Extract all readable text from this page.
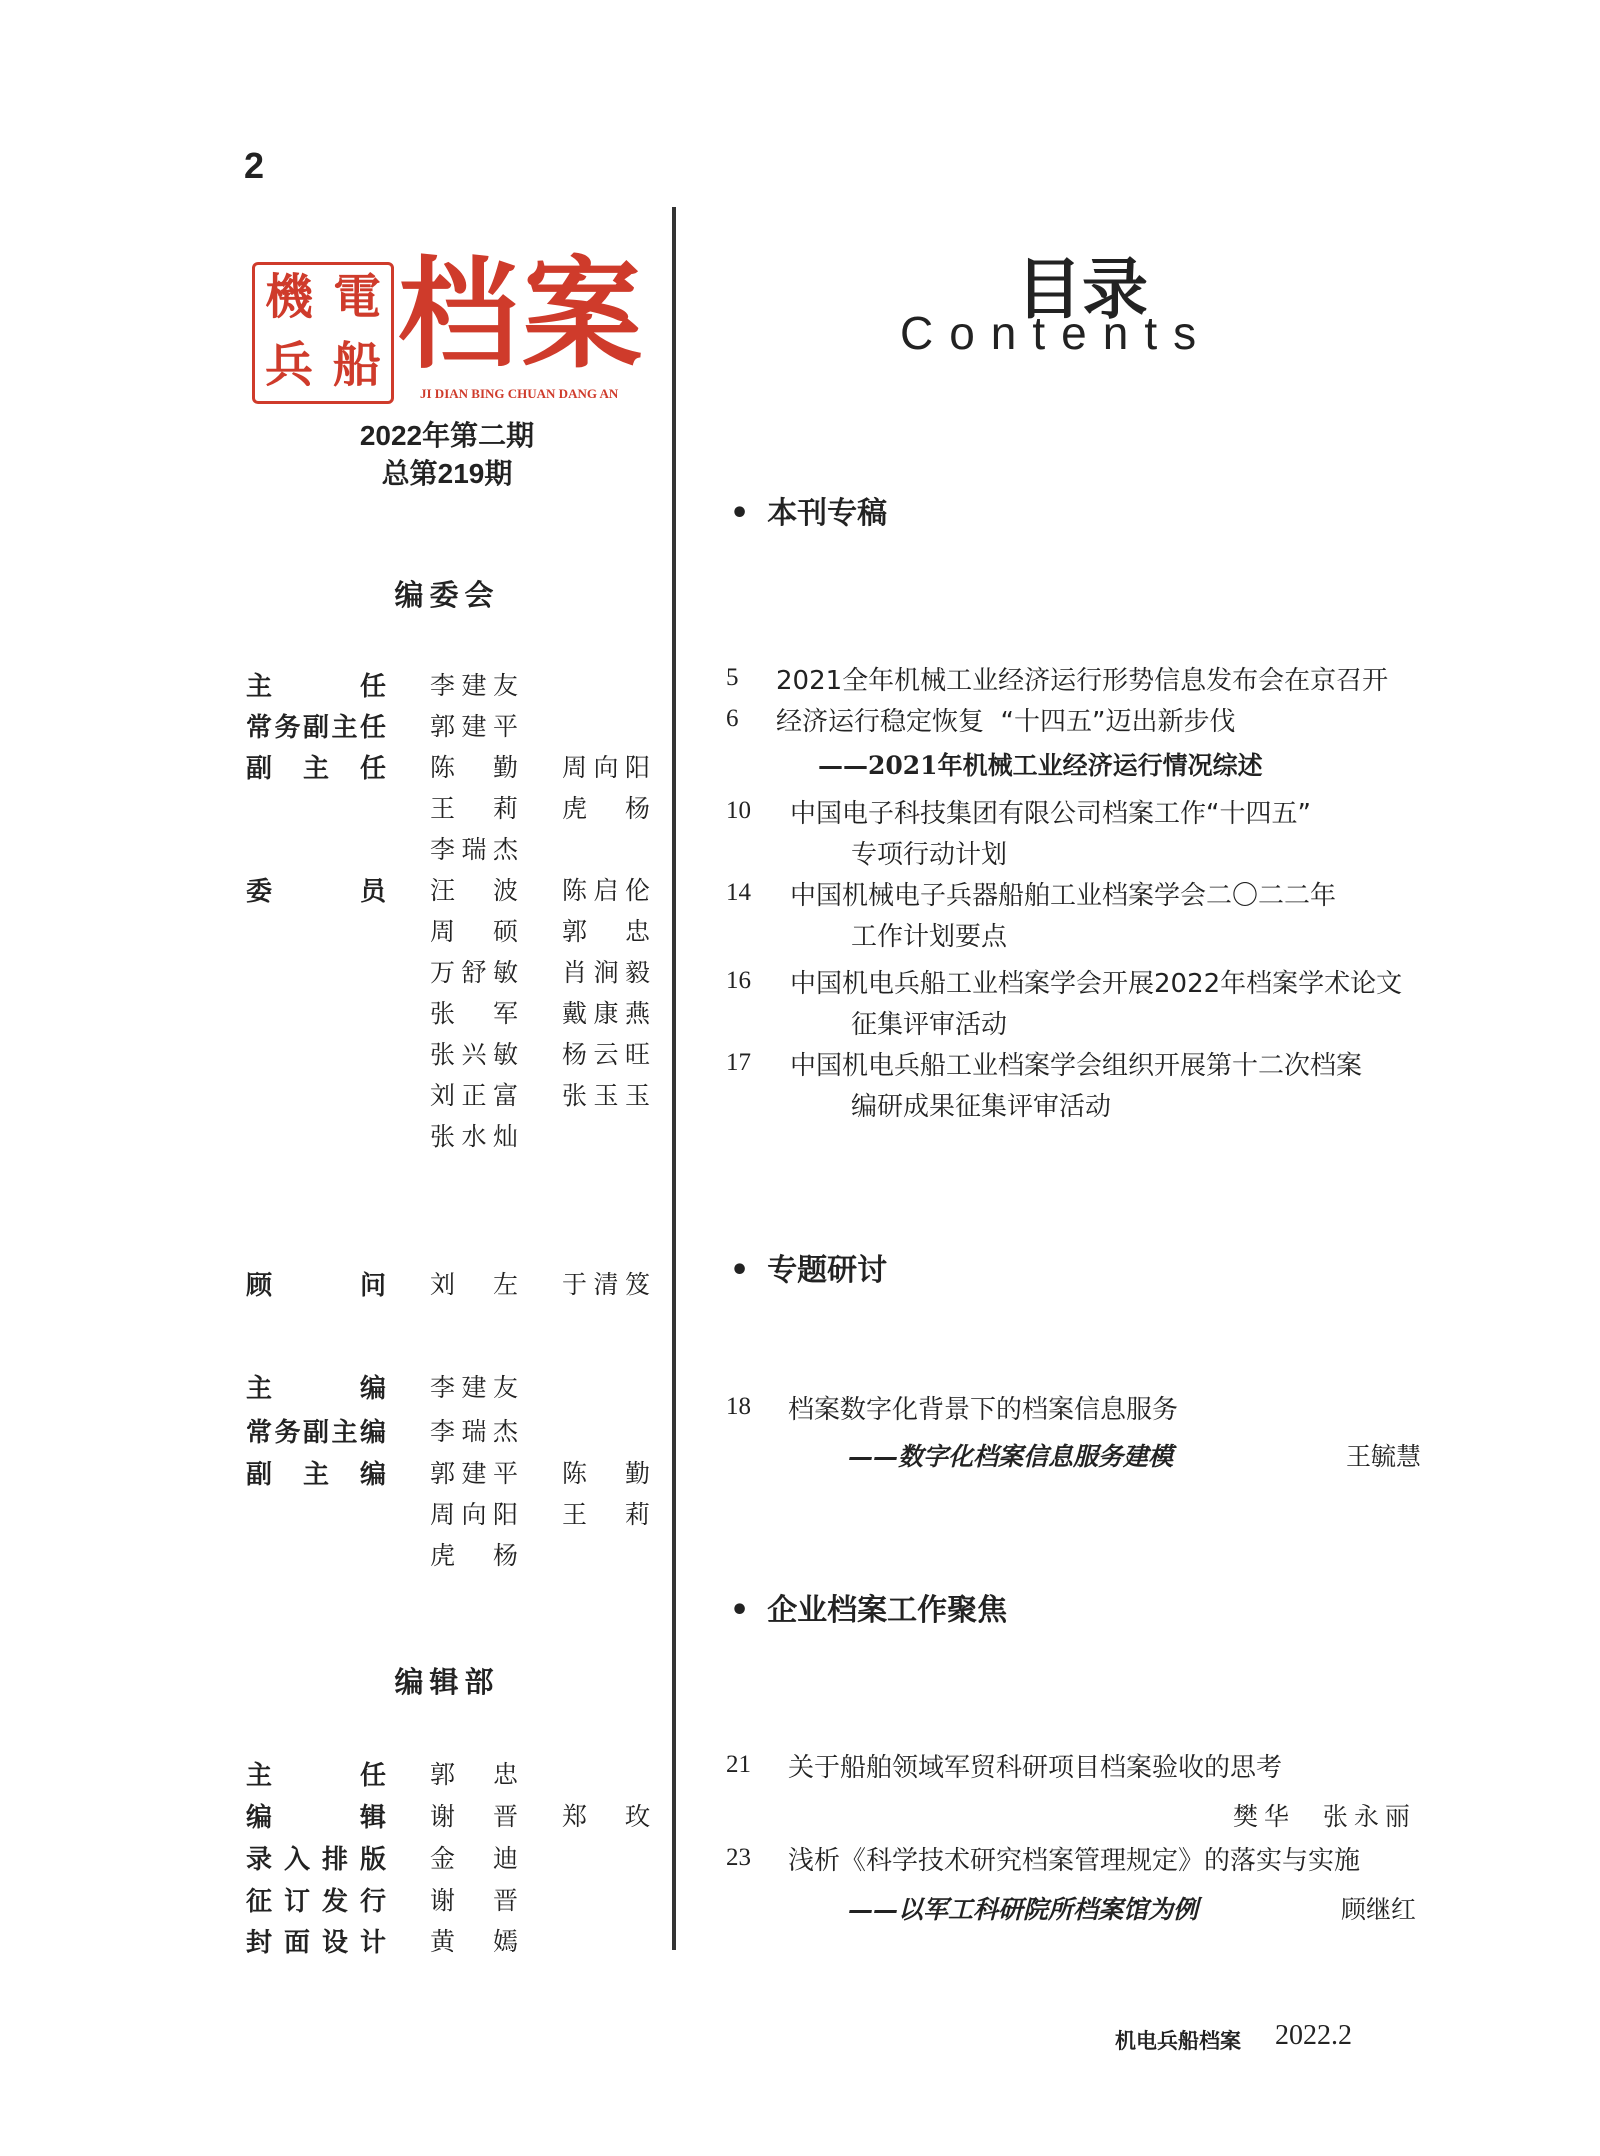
2
機 電
兵 船 档案
JI DIAN BING CHUAN DANG AN
2022年第二期
总第219期
编委会
主任 李建友
常务副主任 郭建平
副主任 陈勤 周向阳
王莉 虎杨
李瑞杰
委员 汪波 陈启伦
周硕 郭忠
万舒敏 肖涧毅
张军 戴康燕
张兴敏 杨云旺
刘正富 张玉玉
张水灿
顾问 刘左 于清笈
主编 李建友
常务副主编 李瑞杰
副主编 郭建平 陈勤
周向阳 王莉
虎杨
编辑部
主任 郭忠
编辑 谢晋 郑玫
录入排版 金迪
征订发行 谢晋
封面设计 黄嫣
目录
Contents
• 本刊专稿
5 2021全年机械工业经济运行形势信息发布会在京召开
6 经济运行稳定恢复  “十四五”迈出新步伐
——2021年机械工业经济运行情况综述
10 中国电子科技集团有限公司档案工作“十四五”
专项行动计划
14 中国机械电子兵器船舶工业档案学会二〇二二年
工作计划要点
16 中国机电兵船工业档案学会开展2022年档案学术论文
征集评审活动
17 中国机电兵船工业档案学会组织开展第十二次档案
编研成果征集评审活动
• 专题研讨
18 档案数字化背景下的档案信息服务
——数字化档案信息服务建模	王毓慧
• 企业档案工作聚焦
21 关于船舶领域军贸科研项目档案验收的思考
樊华  张永丽
23 浅析《科学技术研究档案管理规定》的落实与实施
——以军工科研院所档案馆为例	顾继红
机电兵船档案 2022.2
